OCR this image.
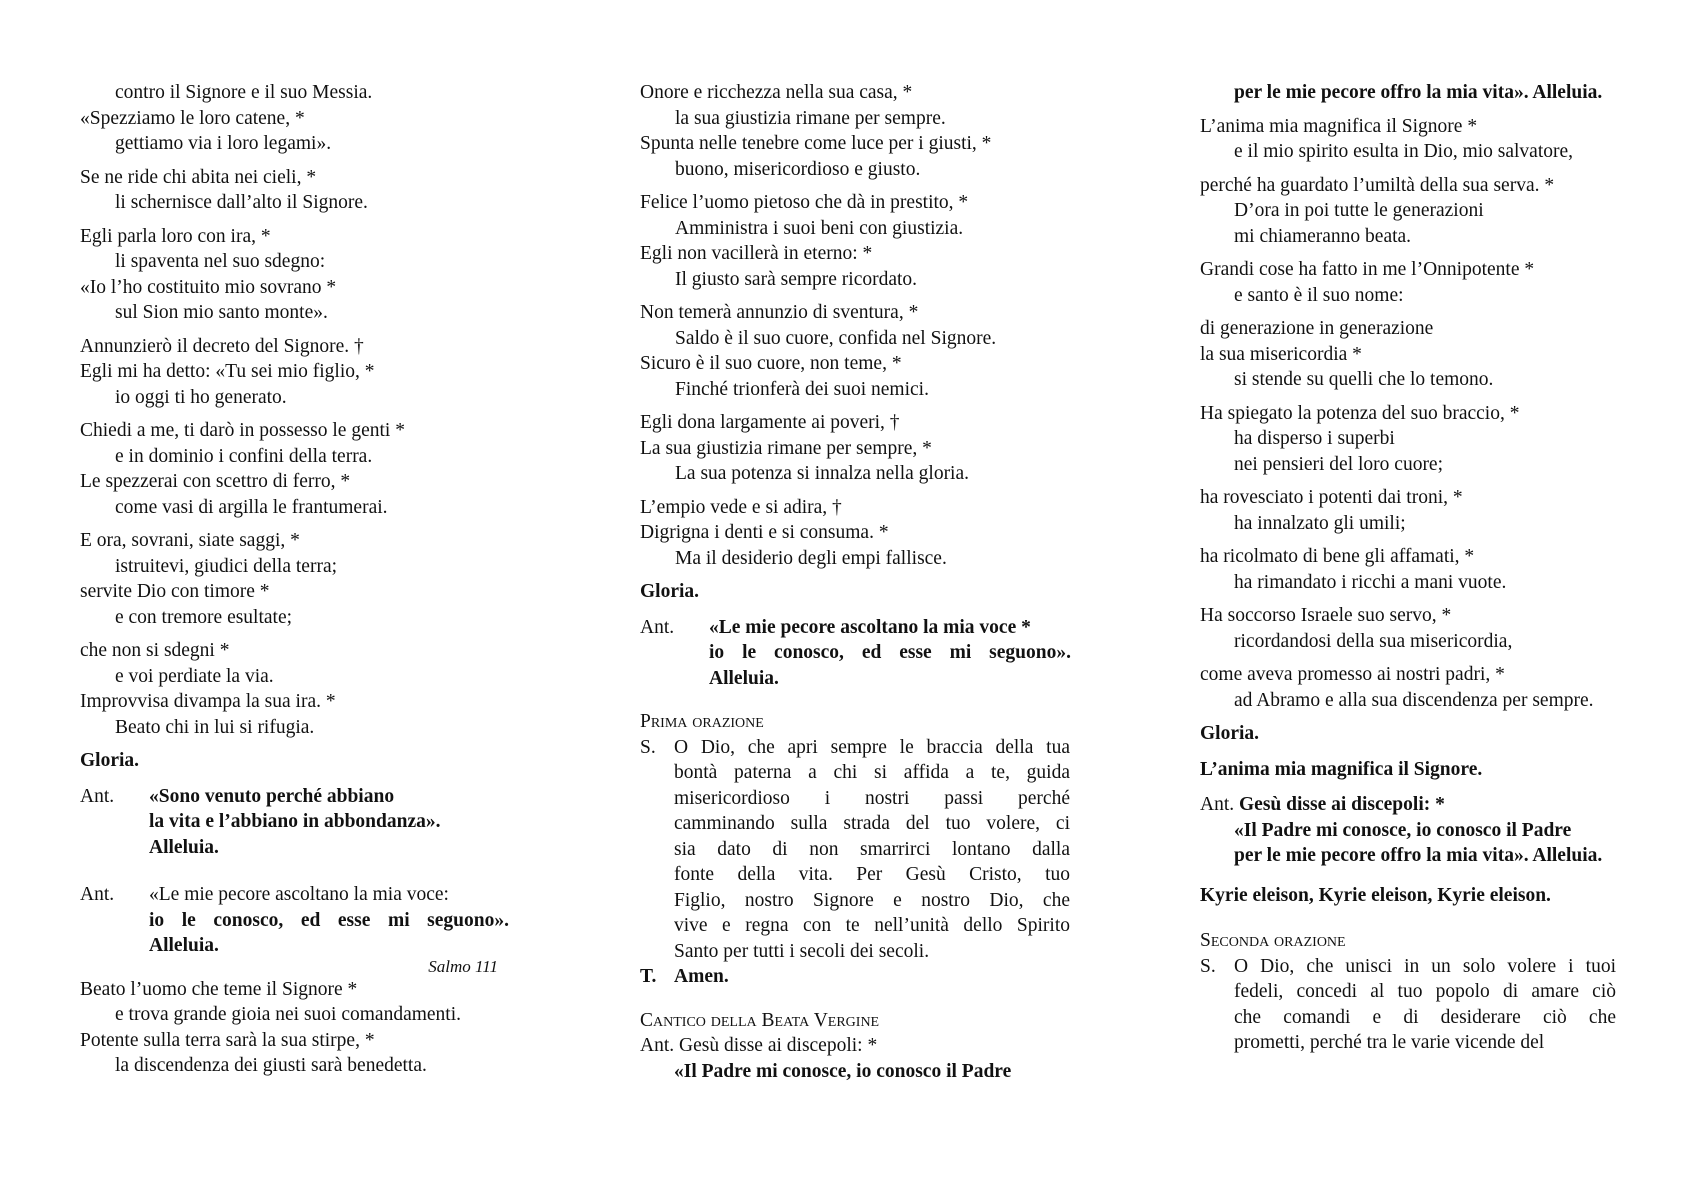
contro il Signore e il suo Messia.
«Spezziamo le loro catene, *
gettiamo via i loro legami».
Se ne ride chi abita nei cieli, *
li schernisce dall’alto il Signore.
Egli parla loro con ira, *
li spaventa nel suo sdegno:
«Io l’ho costituito mio sovrano *
sul Sion mio santo monte».
Annunzierò il decreto del Signore. †
Egli mi ha detto: «Tu sei mio figlio, *
io oggi ti ho generato.
Chiedi a me, ti darò in possesso le genti *
e in dominio i confini della terra.
Le spezzerai con scettro di ferro, *
come vasi di argilla le frantumerai.
E ora, sovrani, siate saggi, *
istruitevi, giudici della terra;
servite Dio con timore *
e con tremore esultate;
che non si sdegni *
e voi perdiate la via.
Improvvisa divampa la sua ira. *
Beato chi in lui si rifugia.
Gloria.
Ant.	«Sono venuto perché abbiano
la vita e l’abbiano in abbondanza».
Alleluia.
Ant.	«Le mie pecore ascoltano la mia voce:
io le conosco, ed esse mi seguono».
Alleluia.
Salmo 111
Beato l’uomo che teme il Signore *
e trova grande gioia nei suoi comandamenti.
Potente sulla terra sarà la sua stirpe, *
la discendenza dei giusti sarà benedetta.
Onore e ricchezza nella sua casa, *
la sua giustizia rimane per sempre.
Spunta nelle tenebre come luce per i giusti, *
buono, misericordioso e giusto.
Felice l’uomo pietoso che dà in prestito, *
Amministra i suoi beni con giustizia.
Egli non vacillerà in eterno: *
Il giusto sarà sempre ricordato.
Non temerà annunzio di sventura, *
Saldo è il suo cuore, confida nel Signore.
Sicuro è il suo cuore, non teme, *
Finché trionferà dei suoi nemici.
Egli dona largamente ai poveri, †
La sua giustizia rimane per sempre, *
La sua potenza si innalza nella gloria.
L’empio vede e si adira, †
Digrigna i denti e si consuma. *
Ma il desiderio degli empi fallisce.
Gloria.
Ant.	«Le mie pecore ascoltano la mia voce *
io le conosco, ed esse mi seguono».
Alleluia.
Prima orazione
S. O Dio, che apri sempre le braccia della tua
bontà paterna a chi si affida a te, guida
misericordioso i nostri passi perché
camminando sulla strada del tuo volere, ci
sia dato di non smarrirci lontano dalla
fonte della vita. Per Gesù Cristo, tuo
Figlio, nostro Signore e nostro Dio, che
vive e regna con te nell’unità dello Spirito
Santo per tutti i secoli dei secoli.
T. Amen.
Cantico della Beata Vergine
Ant. Gesù disse ai discepoli: *
«Il Padre mi conosce, io conosco il Padre
per le mie pecore offro la mia vita». Alleluia.
L’anima mia magnifica il Signore *
e il mio spirito esulta in Dio, mio salvatore,
perché ha guardato l’umiltà della sua serva. *
D’ora in poi tutte le generazioni
mi chiameranno beata.
Grandi cose ha fatto in me l’Onnipotente *
e santo è il suo nome:
di generazione in generazione
la sua misericordia *
si stende su quelli che lo temono.
Ha spiegato la potenza del suo braccio, *
ha disperso i superbi
nei pensieri del loro cuore;
ha rovesciato i potenti dai troni, *
ha innalzato gli umili;
ha ricolmato di bene gli affamati, *
ha rimandato i ricchi a mani vuote.
Ha soccorso Israele suo servo, *
ricordandosi della sua misericordia,
come aveva promesso ai nostri padri, *
ad Abramo e alla sua discendenza per sempre.
Gloria.
L’anima mia magnifica il Signore.
Ant. Gesù disse ai discepoli: *
«Il Padre mi conosce, io conosco il Padre
per le mie pecore offro la mia vita». Alleluia.
Kyrie eleison, Kyrie eleison, Kyrie eleison.
Seconda orazione
S. O Dio, che unisci in un solo volere i tuoi
fedeli, concedi al tuo popolo di amare ciò
che comandi e di desiderare ciò che
prometti, perché tra le varie vicende del
